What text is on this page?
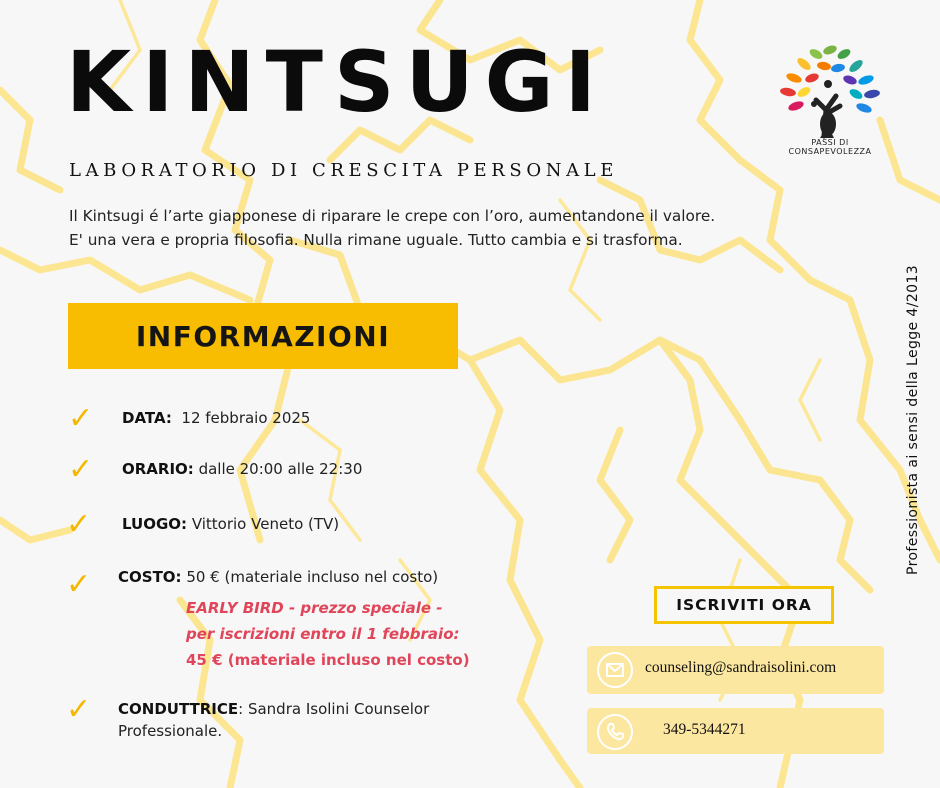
KINTSUGI
LABORATORIO DI CRESCITA PERSONALE
Il Kintsugi é l’arte giapponese di riparare le crepe con l’oro, aumentandone il valore.
E' una vera e propria filosofia. Nulla rimane uguale. Tutto cambia e si trasforma.
PASSI DI CONSAPEVOLEZZA
INFORMAZIONI
✓ DATA: 12 febbraio 2025
✓ ORARIO: dalle 20:00 alle 22:30
✓ LUOGO: Vittorio Veneto (TV)
✓ COSTO: 50 € (materiale incluso nel costo)
EARLY BIRD - prezzo speciale -
per iscrizioni entro il 1 febbraio:
45 € (materiale incluso nel costo)
✓ CONDUTTRICE: Sandra Isolini Counselor
Professionale.
ISCRIVITI ORA
counseling@sandraisolini.com
349-5344271
Professionista ai sensi della Legge 4/2013
